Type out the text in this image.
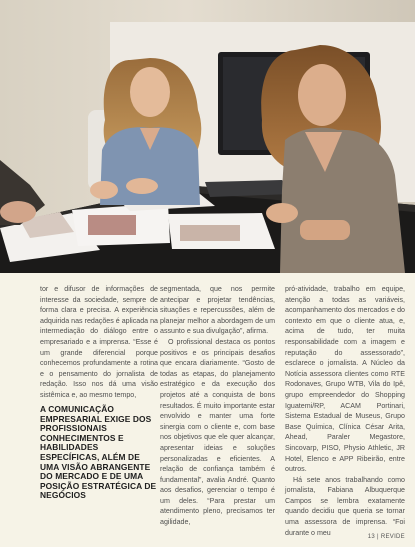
tor e difusor de informações de interesse da sociedade, sempre de forma clara e precisa. A experiência adquirida nas redações é aplicada na intermediação do diálogo entre o empresariado e a imprensa. “Esse é um grande diferencial porque conhecemos profundamente a rotina e o pensamento do jornalista de redação. Isso nos dá uma visão sistêmica e, ao mesmo tempo,

A COMUNICAÇÃO EMPRESARIAL EXIGE DOS PROFISSIONAIS CONHECIMENTOS E HABILIDADES ESPECÍFICAS, ALÉM DE UMA VISÃO ABRANGENTE DO MERCADO E DE UMA POSIÇÃO ESTRATÉGICA DE NEGÓCIOS

segmentada, que nos permite antecipar e projetar tendências, situações e repercussões, além de planejar melhor a abordagem de um assunto e sua divulgação”, afirma.

O profissional destaca os pontos positivos e os principais desafios que encara diariamente. “Gosto de todas as etapas, do planejamento estratégico e da execução dos projetos até a conquista de bons resultados. É muito importante estar envolvido e manter uma forte sinergia com o cliente e, com base nos objetivos que ele quer alcançar, apresentar ideias e soluções personalizadas e eficientes. A relação de confiança também é fundamental”, avalia André. Quanto aos desafios, gerenciar o tempo é um deles. “Para prestar um atendimento pleno, precisamos ter agilidade,

pró-atividade, trabalho em equipe, atenção a todas as variáveis, acompanhamento dos mercados e do contexto em que o cliente atua, e, acima de tudo, ter muita responsabilidade com a imagem e reputação do assessorado”, esclarece o jornalista. A Núcleo da Notícia assessora clientes como RTE Rodonaves, Grupo WTB, Vila do Ipê, grupo empreendedor do Shopping Iguatemi/RP, ACAM Portinari, Sistema Estadual de Museus, Grupo Base Química, Clínica César Arita, Ahead, Paraler Megastore, Sincovarp, PISO, Physio Athletic, JR Hotel, Elenco e APP Ribeirão, entre outros.

Há sete anos trabalhando como jornalista, Fabiana Albuquerque Campos se lembra exatamente quando decidiu que queria se tornar uma assessora de imprensa. “Foi durante o meu

13 | REVIDE
